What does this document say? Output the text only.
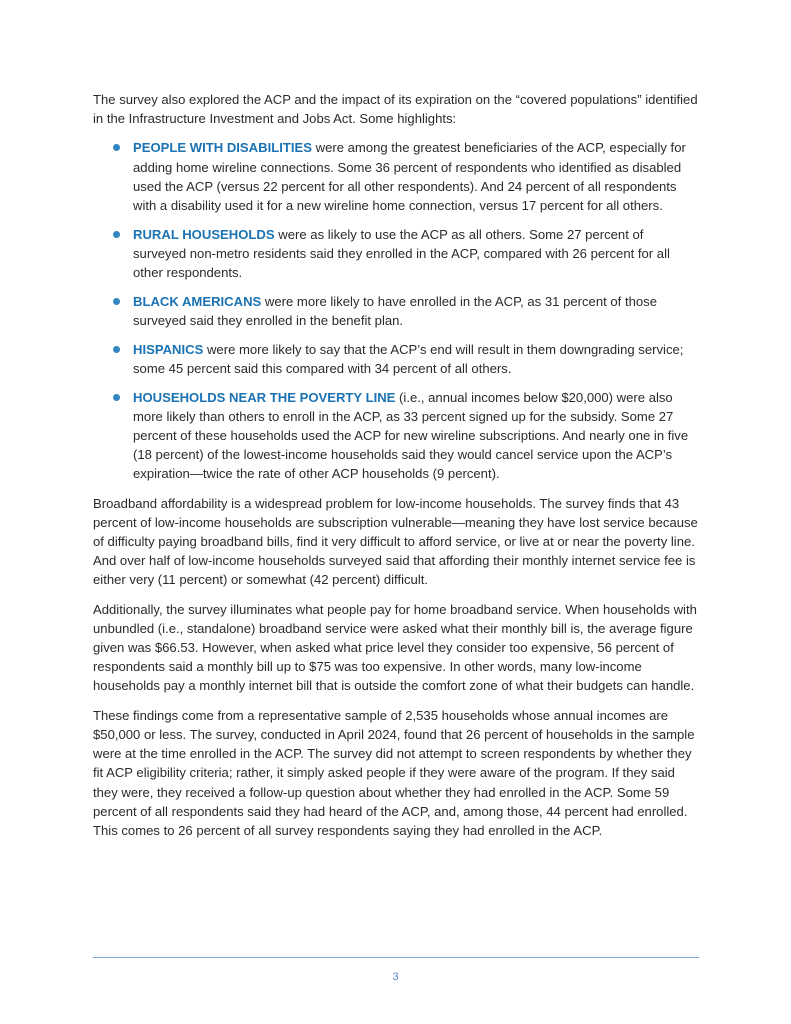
The survey also explored the ACP and the impact of its expiration on the “covered populations” identified in the Infrastructure Investment and Jobs Act. Some highlights:

PEOPLE WITH DISABILITIES were among the greatest beneficiaries of the ACP, especially for adding home wireline connections. Some 36 percent of respondents who identified as disabled used the ACP (versus 22 percent for all other respondents). And 24 percent of all respondents with a disability used it for a new wireline home connection, versus 17 percent for all others.
RURAL HOUSEHOLDS were as likely to use the ACP as all others. Some 27 percent of surveyed non-metro residents said they enrolled in the ACP, compared with 26 percent for all other respondents.
BLACK AMERICANS were more likely to have enrolled in the ACP, as 31 percent of those surveyed said they enrolled in the benefit plan.
HISPANICS were more likely to say that the ACP’s end will result in them downgrading service; some 45 percent said this compared with 34 percent of all others.
HOUSEHOLDS NEAR THE POVERTY LINE (i.e., annual incomes below $20,000) were also more likely than others to enroll in the ACP, as 33 percent signed up for the subsidy. Some 27 percent of these households used the ACP for new wireline subscriptions. And nearly one in five (18 percent) of the lowest-income households said they would cancel service upon the ACP’s expiration—twice the rate of other ACP households (9 percent).

Broadband affordability is a widespread problem for low-income households. The survey finds that 43 percent of low-income households are subscription vulnerable—meaning they have lost service because of difficulty paying broadband bills, find it very difficult to afford service, or live at or near the poverty line. And over half of low-income households surveyed said that affording their monthly internet service fee is either very (11 percent) or somewhat (42 percent) difficult.

Additionally, the survey illuminates what people pay for home broadband service. When households with unbundled (i.e., standalone) broadband service were asked what their monthly bill is, the average figure given was $66.53. However, when asked what price level they consider too expensive, 56 percent of respondents said a monthly bill up to $75 was too expensive. In other words, many low-income households pay a monthly internet bill that is outside the comfort zone of what their budgets can handle.

These findings come from a representative sample of 2,535 households whose annual incomes are $50,000 or less. The survey, conducted in April 2024, found that 26 percent of households in the sample were at the time enrolled in the ACP. The survey did not attempt to screen respondents by whether they fit ACP eligibility criteria; rather, it simply asked people if they were aware of the program. If they said they were, they received a follow-up question about whether they had enrolled in the ACP. Some 59 percent of all respondents said they had heard of the ACP, and, among those, 44 percent had enrolled. This comes to 26 percent of all survey respondents saying they had enrolled in the ACP.

3
